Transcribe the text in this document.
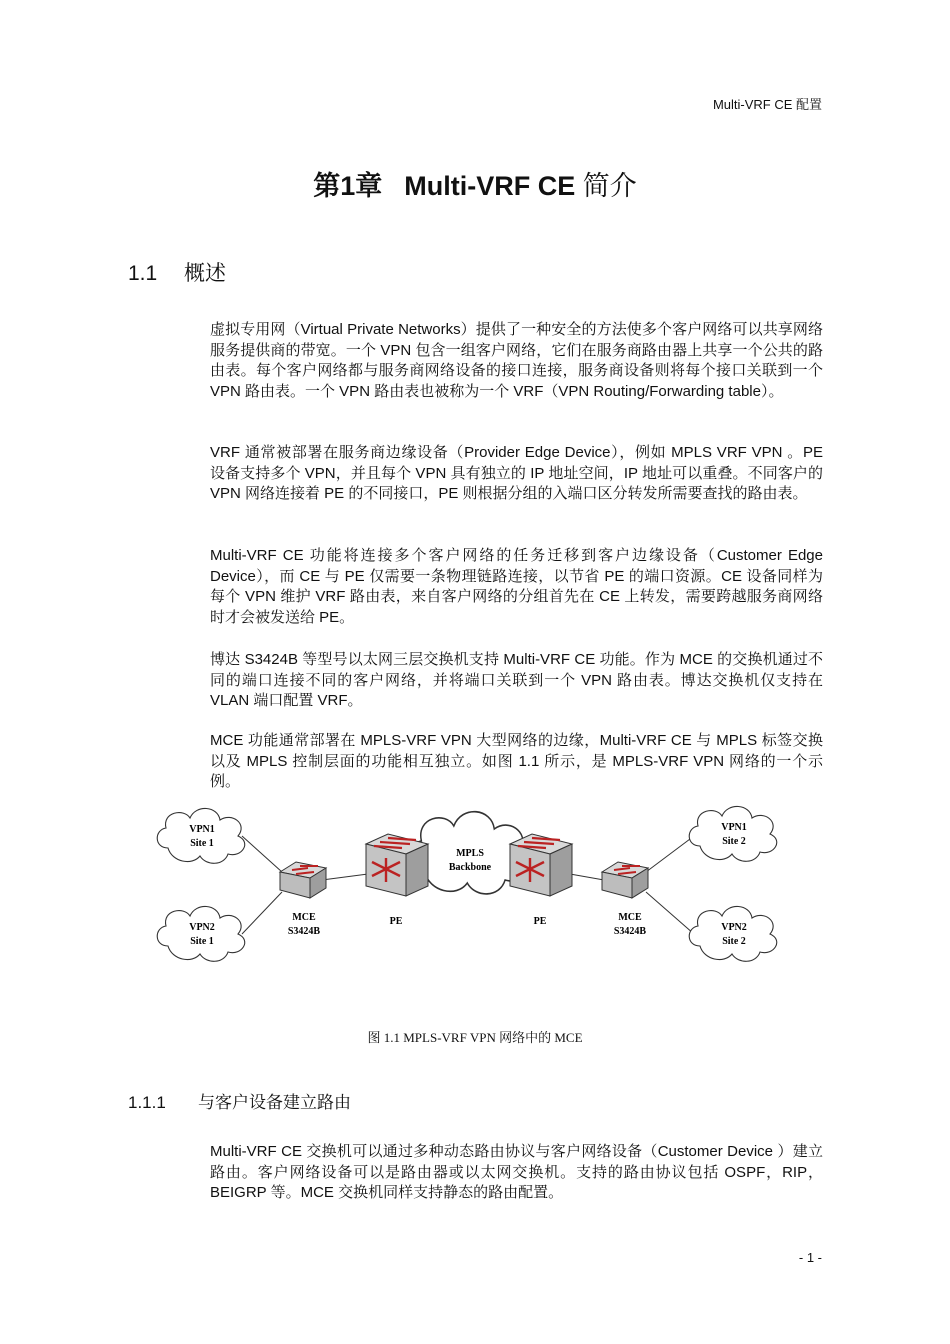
Multi-VRF CE 配置
第1章 Multi-VRF CE 简介
1.1 概述

虚拟专用网（Virtual Private Networks）提供了一种安全的方法使多个客户网络可以共享网络服务提供商的带宽。一个 VPN 包含一组客户网络，它们在服务商路由器上共享一个公共的路由表。每个客户网络都与服务商网络设备的接口连接，服务商设备则将每个接口关联到一个 VPN 路由表。一个 VPN 路由表也被称为一个 VRF（VPN Routing/Forwarding table）。

VRF 通常被部署在服务商边缘设备（Provider Edge Device），例如 MPLS VRF VPN 。PE 设备支持多个 VPN，并且每个 VPN 具有独立的 IP 地址空间，IP 地址可以重叠。不同客户的 VPN 网络连接着 PE 的不同接口，PE 则根据分组的入端口区分转发所需要查找的路由表。

Multi-VRF CE 功能将连接多个客户网络的任务迁移到客户边缘设备（Customer Edge Device），而 CE 与 PE 仅需要一条物理链路连接，以节省 PE 的端口资源。CE 设备同样为每个 VPN 维护 VRF 路由表，来自客户网络的分组首先在 CE 上转发，需要跨越服务商网络时才会被发送给 PE。

博达 S3424B 等型号以太网三层交换机支持 Multi-VRF CE 功能。作为 MCE 的交换机通过不同的端口连接不同的客户网络，并将端口关联到一个 VPN 路由表。博达交换机仅支持在 VLAN 端口配置 VRF。

MCE 功能通常部署在 MPLS-VRF VPN 大型网络的边缘，Multi-VRF CE 与 MPLS 标签交换以及 MPLS 控制层面的功能相互独立。如图 1.1 所示，是 MPLS-VRF VPN 网络的一个示例。

VPN1
Site 1
VPN2
Site 1
MPLS
Backbone
VPN1
Site 2
VPN2
Site 2
MCE
S3424B
PE	PE	MCE
S3424B
图 1.1 MPLS-VRF VPN 网络中的 MCE
1.1.1 与客户设备建立路由

Multi-VRF CE 交换机可以通过多种动态路由协议与客户网络设备（Customer Device ）建立路由。客户网络设备可以是路由器或以太网交换机。支持的路由协议包括 OSPF，RIP，BEIGRP 等。MCE 交换机同样支持静态的路由配置。

- 1 -
